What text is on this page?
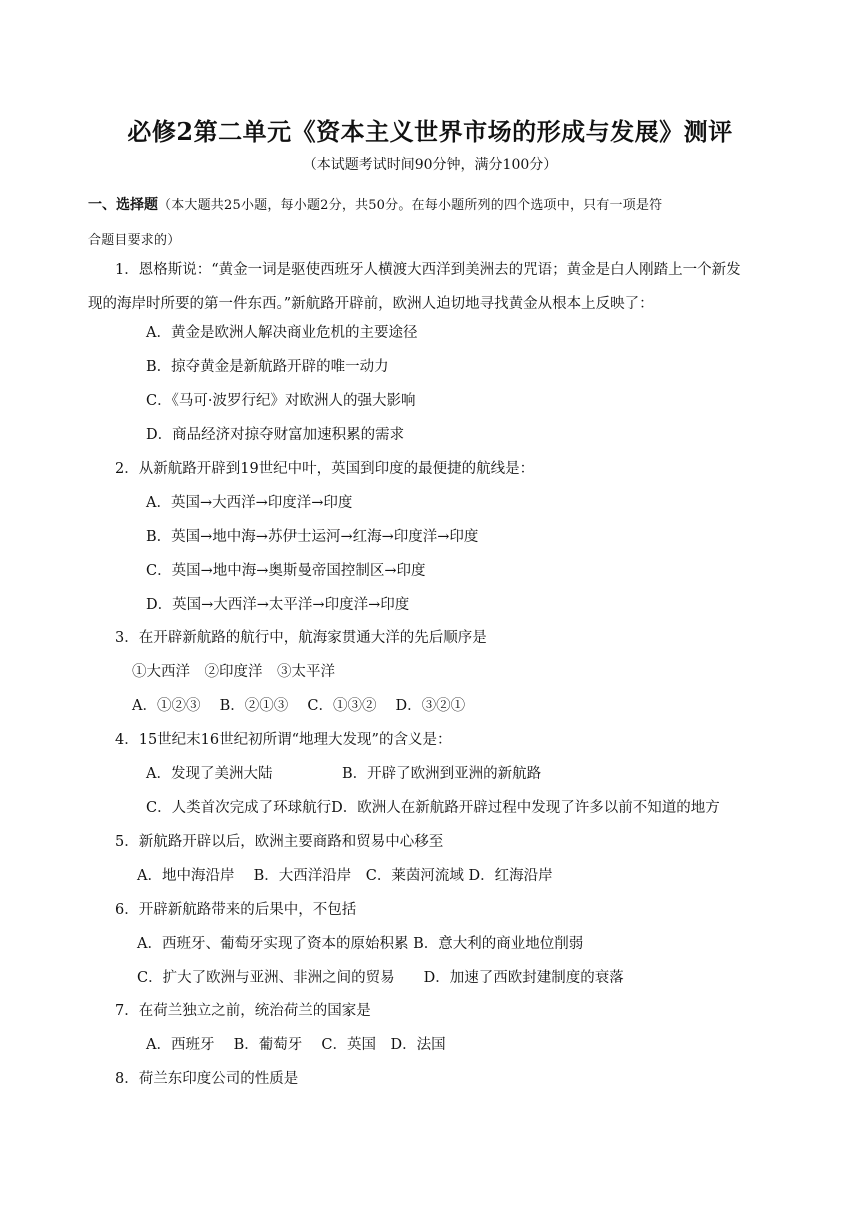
必修2第二单元《资本主义世界市场的形成与发展》测评
（本试题考试时间90分钟，满分100分）
一、选择题（本大题共25小题，每小题2分，共50分。在每小题所列的四个选项中，只有一项是符
合题目要求的）
1．恩格斯说：“黄金一词是驱使西班牙人横渡大西洋到美洲去的咒语；黄金是白人刚踏上一个新发
现的海岸时所要的第一件东西。”新航路开辟前，欧洲人迫切地寻找黄金从根本上反映了：
A．黄金是欧洲人解决商业危机的主要途径
B．掠夺黄金是新航路开辟的唯一动力
C．《马可·波罗行纪》对欧洲人的强大影响
D．商品经济对掠夺财富加速积累的需求
2．从新航路开辟到19世纪中叶，英国到印度的最便捷的航线是：
A．英国→大西洋→印度洋→印度
B．英国→地中海→苏伊士运河→红海→印度洋→印度
C．英国→地中海→奥斯曼帝国控制区→印度
D．英国→大西洋→太平洋→印度洋→印度
3．在开辟新航路的航行中，航海家贯通大洋的先后顺序是
①大西洋　②印度洋　③太平洋
A．①②③　 B．②①③　 C．①③②　 D．③②①
4．15世纪末16世纪初所谓“地理大发现”的含义是：
A．发现了美洲大陆	B．开辟了欧洲到亚洲的新航路
C．人类首次完成了环球航行D．欧洲人在新航路开辟过程中发现了许多以前不知道的地方
5．新航路开辟以后，欧洲主要商路和贸易中心移至
A．地中海沿岸　 B．大西洋沿岸　C．莱茵河流域 D．红海沿岸
6．开辟新航路带来的后果中，不包括
A．西班牙、葡萄牙实现了资本的原始积累 B．意大利的商业地位削弱
C．扩大了欧洲与亚洲、非洲之间的贸易　　D．加速了西欧封建制度的衰落
7．在荷兰独立之前，统治荷兰的国家是
A．西班牙　 B．葡萄牙　 C．英国　D．法国
8．荷兰东印度公司的性质是
